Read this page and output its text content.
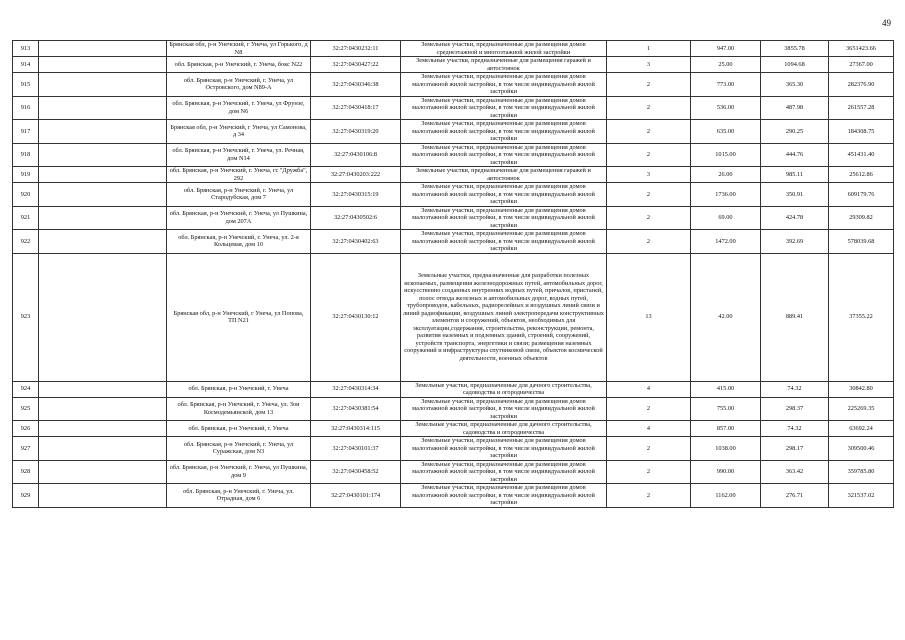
49
913		Брянская обл, р-н Унечский, г Унеча, ул Горького, д N8	32:27:0430232:11	Земельные участки, предназначенные для размещения домов среднеэтажной и многоэтажной жилой застройки	1	947.00	3855.78	3651423.66
914		обл. Брянская, р-н Унечский, г. Унеча, бокс N22	32:27:0430427:22	Земельные участки, предназначенные для размещения гаражей и автостоянок	3	25.00	1094.68	27367.00
915		обл. Брянская, р-н Унечский, г. Унеча, ул Островского, дом N89-А	32:27:0430346:38	Земельные участки, предназначенные для размещения домов малоэтажной жилой застройки, в том числе индивидуальной жилой застройки	2	773.00	365.30	282376.90
916		обл. Брянская, р-н Унечский, г. Унеча, ул Фрунзе, дом N6	32:27:0430418:17	Земельные участки, предназначенные для размещения домов малоэтажной жилой застройки, в том числе индивидуальной жилой застройки	2	536.00	487.98	261557.28
917		Брянская обл, р-н Унечский, г Унеча, ул Самонова, д 34	32:27:0430319:20	Земельные участки, предназначенные для размещения домов малоэтажной жилой застройки, в том числе индивидуальной жилой застройки	2	635.00	290.25	184308.75
918		обл. Брянская, р-н Унечский, г. Унеча, ул. Речная, дом N14	32:27:0430106:8	Земельные участки, предназначенные для размещения домов малоэтажной жилой застройки, в том числе индивидуальной жилой застройки	2	1015.00	444.76	451431.40
919		обл. Брянская, р-н Унечский, г. Унеча, гс "Дружба", 292	32:27:0430203:222	Земельные участки, предназначенные для размещения гаражей и автостоянок	3	26.00	985.11	25612.86
920		обл. Брянская, р-н Унечский, г. Унеча, ул Стародубская, дом 7	32:27:0430315:19	Земельные участки, предназначенные для размещения домов малоэтажной жилой застройки, в том числе индивидуальной жилой застройки	2	1736.00	350.91	609179.76
921		обл. Брянская, р-н Унечский, г. Унеча, ул Пушкина, дом 207А	32:27:0430502:6	Земельные участки, предназначенные для размещения домов малоэтажной жилой застройки, в том числе индивидуальной жилой застройки	2	69.00	424.78	29309.82
922		обл. Брянская, р-н Унечский, г. Унеча, ул. 2-я Кольцевая, дом 10	32:27:0430402:63	Земельные участки, предназначенные для размещения домов малоэтажной жилой застройки, в том числе индивидуальной жилой застройки	2	1472.00	392.69	578039.68
923		Брянская обл, р-н Унечский, г Унеча, ул Попова, ТП N21	32:27:0430130:12	Земельные участки, предназначенные для разработки полезных ископаемых, размещения железнодорожных путей, автомобильных дорог, искусственно созданных внутренних водных путей, причалов, пристаней, полос отвода железных и автомобильных дорог, водных путей, трубопроводов, кабельных, радиорелейных и воздушных линий связи и линий радиофикации, воздушных линий электропередачи конструктивных элементов и сооружений, объектов, необходимых для эксплуатации,содержания, строительства, реконструкции, ремонта, развития наземных и подземных зданий, строений, сооружений, устройств транспорта, энергетики и связи; размещения наземных сооружений и инфраструктуры спутниковой связи, объектов космической деятельности, военных объектов	13	42.00	889.41	37355.22
924		обл. Брянская, р-н Унечский, г. Унеча	32:27:0430314:34	Земельные участки, предназначенные для дачного строительства, садоводства и огородничества	4	415.00	74.32	30842.80
925		обл. Брянская, р-н Унечский, г. Унеча, ул. Зои Космодемьянской, дом 13	32:27:0430381:54	Земельные участки, предназначенные для размещения домов малоэтажной жилой застройки, в том числе индивидуальной жилой застройки	2	755.00	298.37	225269.35
926		обл. Брянская, р-н Унечский, г. Унеча	32:27:0430314:115	Земельные участки, предназначенные для дачного строительства, садоводства и огородничества	4	857.00	74.32	63692.24
927		обл. Брянская, р-н Унечский, г. Унеча, ул Суражская, дом N3	32:27:0430101:37	Земельные участки, предназначенные для размещения домов малоэтажной жилой застройки, в том числе индивидуальной жилой застройки	2	1038.00	298.17	309500.46
928		обл. Брянская, р-н Унечский, г. Унеча, ул Пушкина, дом 9	32:27:0430458:52	Земельные участки, предназначенные для размещения домов малоэтажной жилой застройки, в том числе индивидуальной жилой застройки	2	990.00	363.42	359785.80
929		обл. Брянская, р-н Унечский, г. Унеча, ул. Отрадная, дом 6	32:27:0430101:174	Земельные участки, предназначенные для размещения домов малоэтажной жилой застройки, в том числе индивидуальной жилой застройки	2	1162.00	276.71	321537.02
